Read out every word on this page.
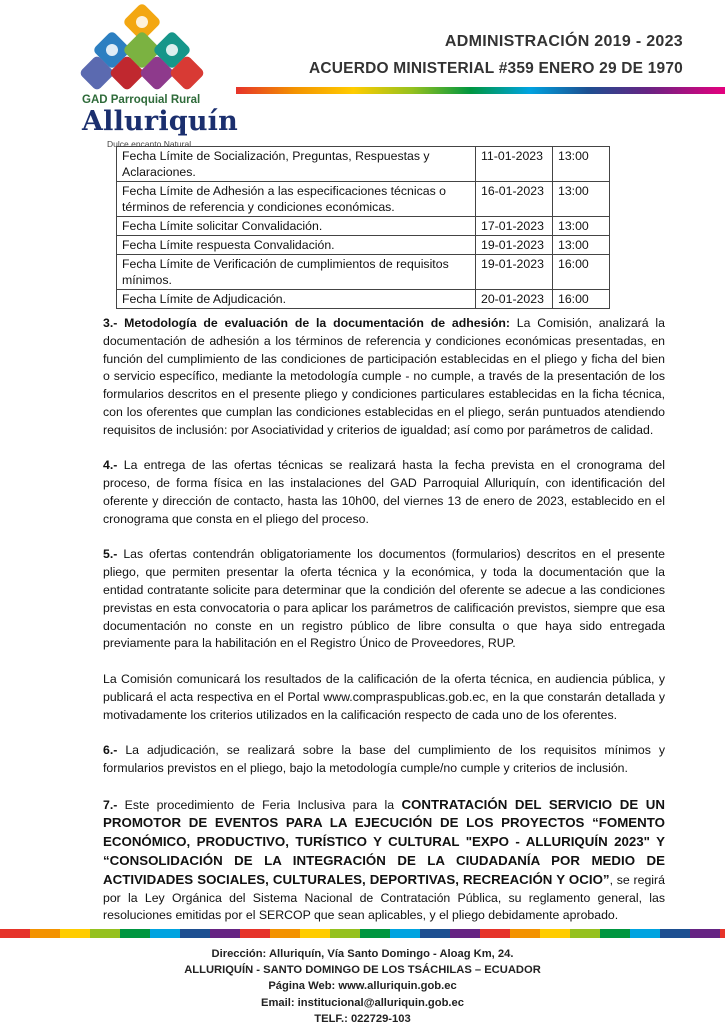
GAD Parroquial Rural
Alluriquín
Dulce encanto Natural
ADMINISTRACIÓN 2019 - 2023
ACUERDO MINISTERIAL #359 ENERO 29 DE 1970
Fecha Límite de Socialización, Preguntas, Respuestas y Aclaraciones.	11-01-2023	13:00
Fecha Límite de Adhesión a las especificaciones técnicas o términos de referencia y condiciones económicas.	16-01-2023	13:00
Fecha Límite solicitar Convalidación.	17-01-2023	13:00
Fecha Límite respuesta Convalidación.	19-01-2023	13:00
Fecha Límite de Verificación de cumplimientos de requisitos mínimos.	19-01-2023	16:00
Fecha Límite de Adjudicación.	20-01-2023	16:00

3.- Metodología de evaluación de la documentación de adhesión: La Comisión, analizará la documentación de adhesión a los términos de referencia y condiciones económicas presentadas, en función del cumplimiento de las condiciones de participación establecidas en el pliego y ficha del bien o servicio específico, mediante la metodología cumple - no cumple, a través de la presentación de los formularios descritos en el presente pliego y condiciones particulares establecidas en la ficha técnica, con los oferentes que cumplan las condiciones establecidas en el pliego, serán puntuados atendiendo requisitos de inclusión: por Asociatividad y criterios de igualdad; así como por parámetros de calidad.

4.- La entrega de las ofertas técnicas se realizará hasta la fecha prevista en el cronograma del proceso, de forma física en las instalaciones del GAD Parroquial Alluriquín, con identificación del oferente y dirección de contacto, hasta las 10h00, del viernes 13 de enero de 2023, establecido en el cronograma que consta en el pliego del proceso.

5.- Las ofertas contendrán obligatoriamente los documentos (formularios) descritos en el presente pliego, que permiten presentar la oferta técnica y la económica, y toda la documentación que la entidad contratante solicite para determinar que la condición del oferente se adecue a las condiciones previstas en esta convocatoria o para aplicar los parámetros de calificación previstos, siempre que esa documentación no conste en un registro público de libre consulta o que haya sido entregada previamente para la habilitación en el Registro Único de Proveedores, RUP.

La Comisión comunicará los resultados de la calificación de la oferta técnica, en audiencia pública, y publicará el acta respectiva en el Portal www.compraspublicas.gob.ec, en la que constarán detallada y motivadamente los criterios utilizados en la calificación respecto de cada uno de los oferentes.

6.- La adjudicación, se realizará sobre la base del cumplimiento de los requisitos mínimos y formularios previstos en el pliego, bajo la metodología cumple/no cumple y criterios de inclusión.

7.- Este procedimiento de Feria Inclusiva para la CONTRATACIÓN DEL SERVICIO DE UN PROMOTOR DE EVENTOS PARA LA EJECUCIÓN DE LOS PROYECTOS “FOMENTO ECONÓMICO, PRODUCTIVO, TURÍSTICO Y CULTURAL "EXPO - ALLURIQUÍN 2023" Y “CONSOLIDACIÓN DE LA INTEGRACIÓN DE LA CIUDADANÍA POR MEDIO DE ACTIVIDADES SOCIALES, CULTURALES, DEPORTIVAS, RECREACIÓN Y OCIO”, se regirá por la Ley Orgánica del Sistema Nacional de Contratación Pública, su reglamento general, las resoluciones emitidas por el SERCOP que sean aplicables, y el pliego debidamente aprobado.

Dirección: Alluriquín, Vía Santo Domingo - Aloag Km, 24.
ALLURIQUÍN - SANTO DOMINGO DE LOS TSÁCHILAS – ECUADOR
Página Web: www.alluriquin.gob.ec
Email: institucional@alluriquin.gob.ec
TELF.: 022729-103
